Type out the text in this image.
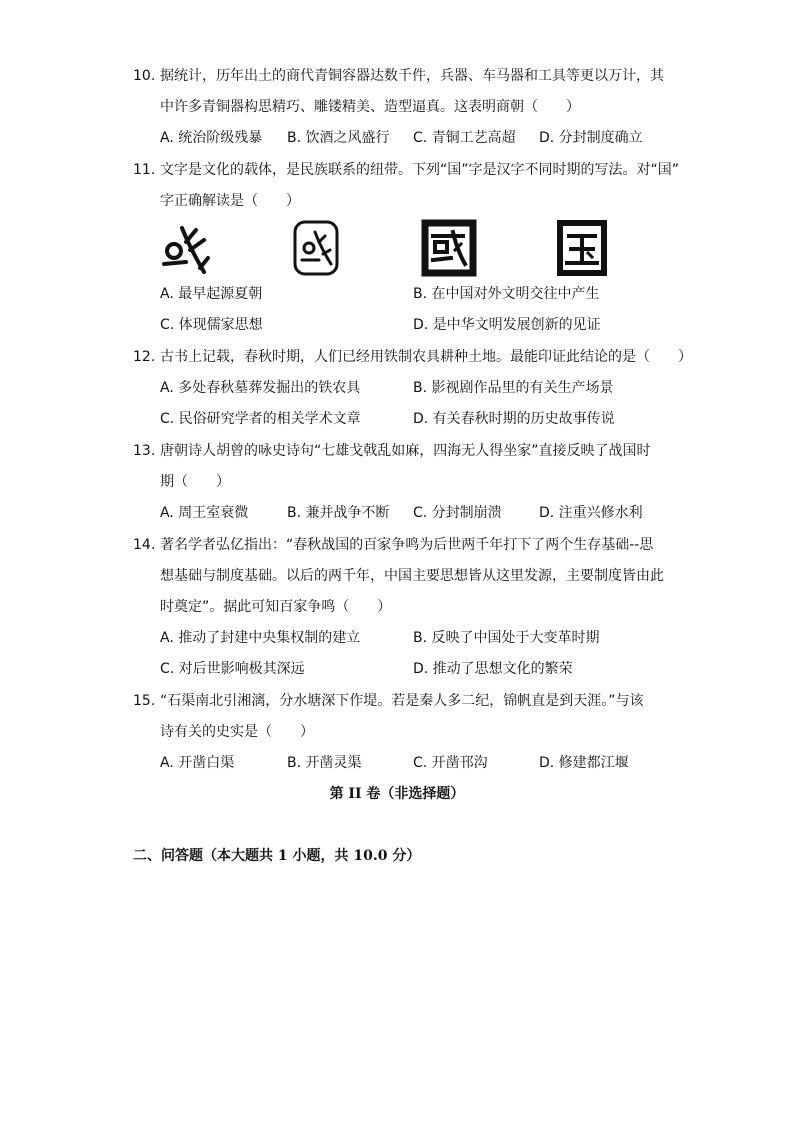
10. 据统计，历年出土的商代青铜容器达数千件，兵器、车马器和工具等更以万计，其
中许多青铜器构思精巧、雕镂精美、造型逼真。这表明商朝（　　）
A. 统治阶级残暴 B. 饮酒之风盛行 C. 青铜工艺高超 D. 分封制度确立
11. 文字是文化的载体，是民族联系的纽带。下列“国”字是汉字不同时期的写法。对“国”
字正确解读是（　　）
A. 最早起源夏朝	B. 在中国对外文明交往中产生
C. 体现儒家思想	D. 是中华文明发展创新的见证
12. 古书上记载，春秋时期，人们已经用铁制农具耕种土地。最能印证此结论的是（　　）
A. 多处春秋墓葬发掘出的铁农具	B. 影视剧作品里的有关生产场景
C. 民俗研究学者的相关学术文章	D. 有关春秋时期的历史故事传说
13. 唐朝诗人胡曾的咏史诗句“七雄戈戟乱如麻，四海无人得坐家”直接反映了战国时
期（　　）
A. 周王室衰微	B. 兼并战争不断 C. 分封制崩溃	D. 注重兴修水利
14. 著名学者弘亿指出：“春秋战国的百家争鸣为后世两千年打下了两个生存基础--思
想基础与制度基础。以后的两千年，中国主要思想皆从这里发源，主要制度皆由此
时奠定”。据此可知百家争鸣（　　）
A. 推动了封建中央集权制的建立	B. 反映了中国处于大变革时期
C. 对后世影响极其深远	D. 推动了思想文化的繁荣
15. “石渠南北引湘漓，分水塘深下作堤。若是秦人多二纪，锦帆直是到天涯。”与该
诗有关的史实是（　　）
A. 开凿白渠	B. 开凿灵渠	C. 开凿邗沟	D. 修建都江堰
第 II 卷（非选择题）
二、问答题（本大题共 1 小题，共 10.0 分）
